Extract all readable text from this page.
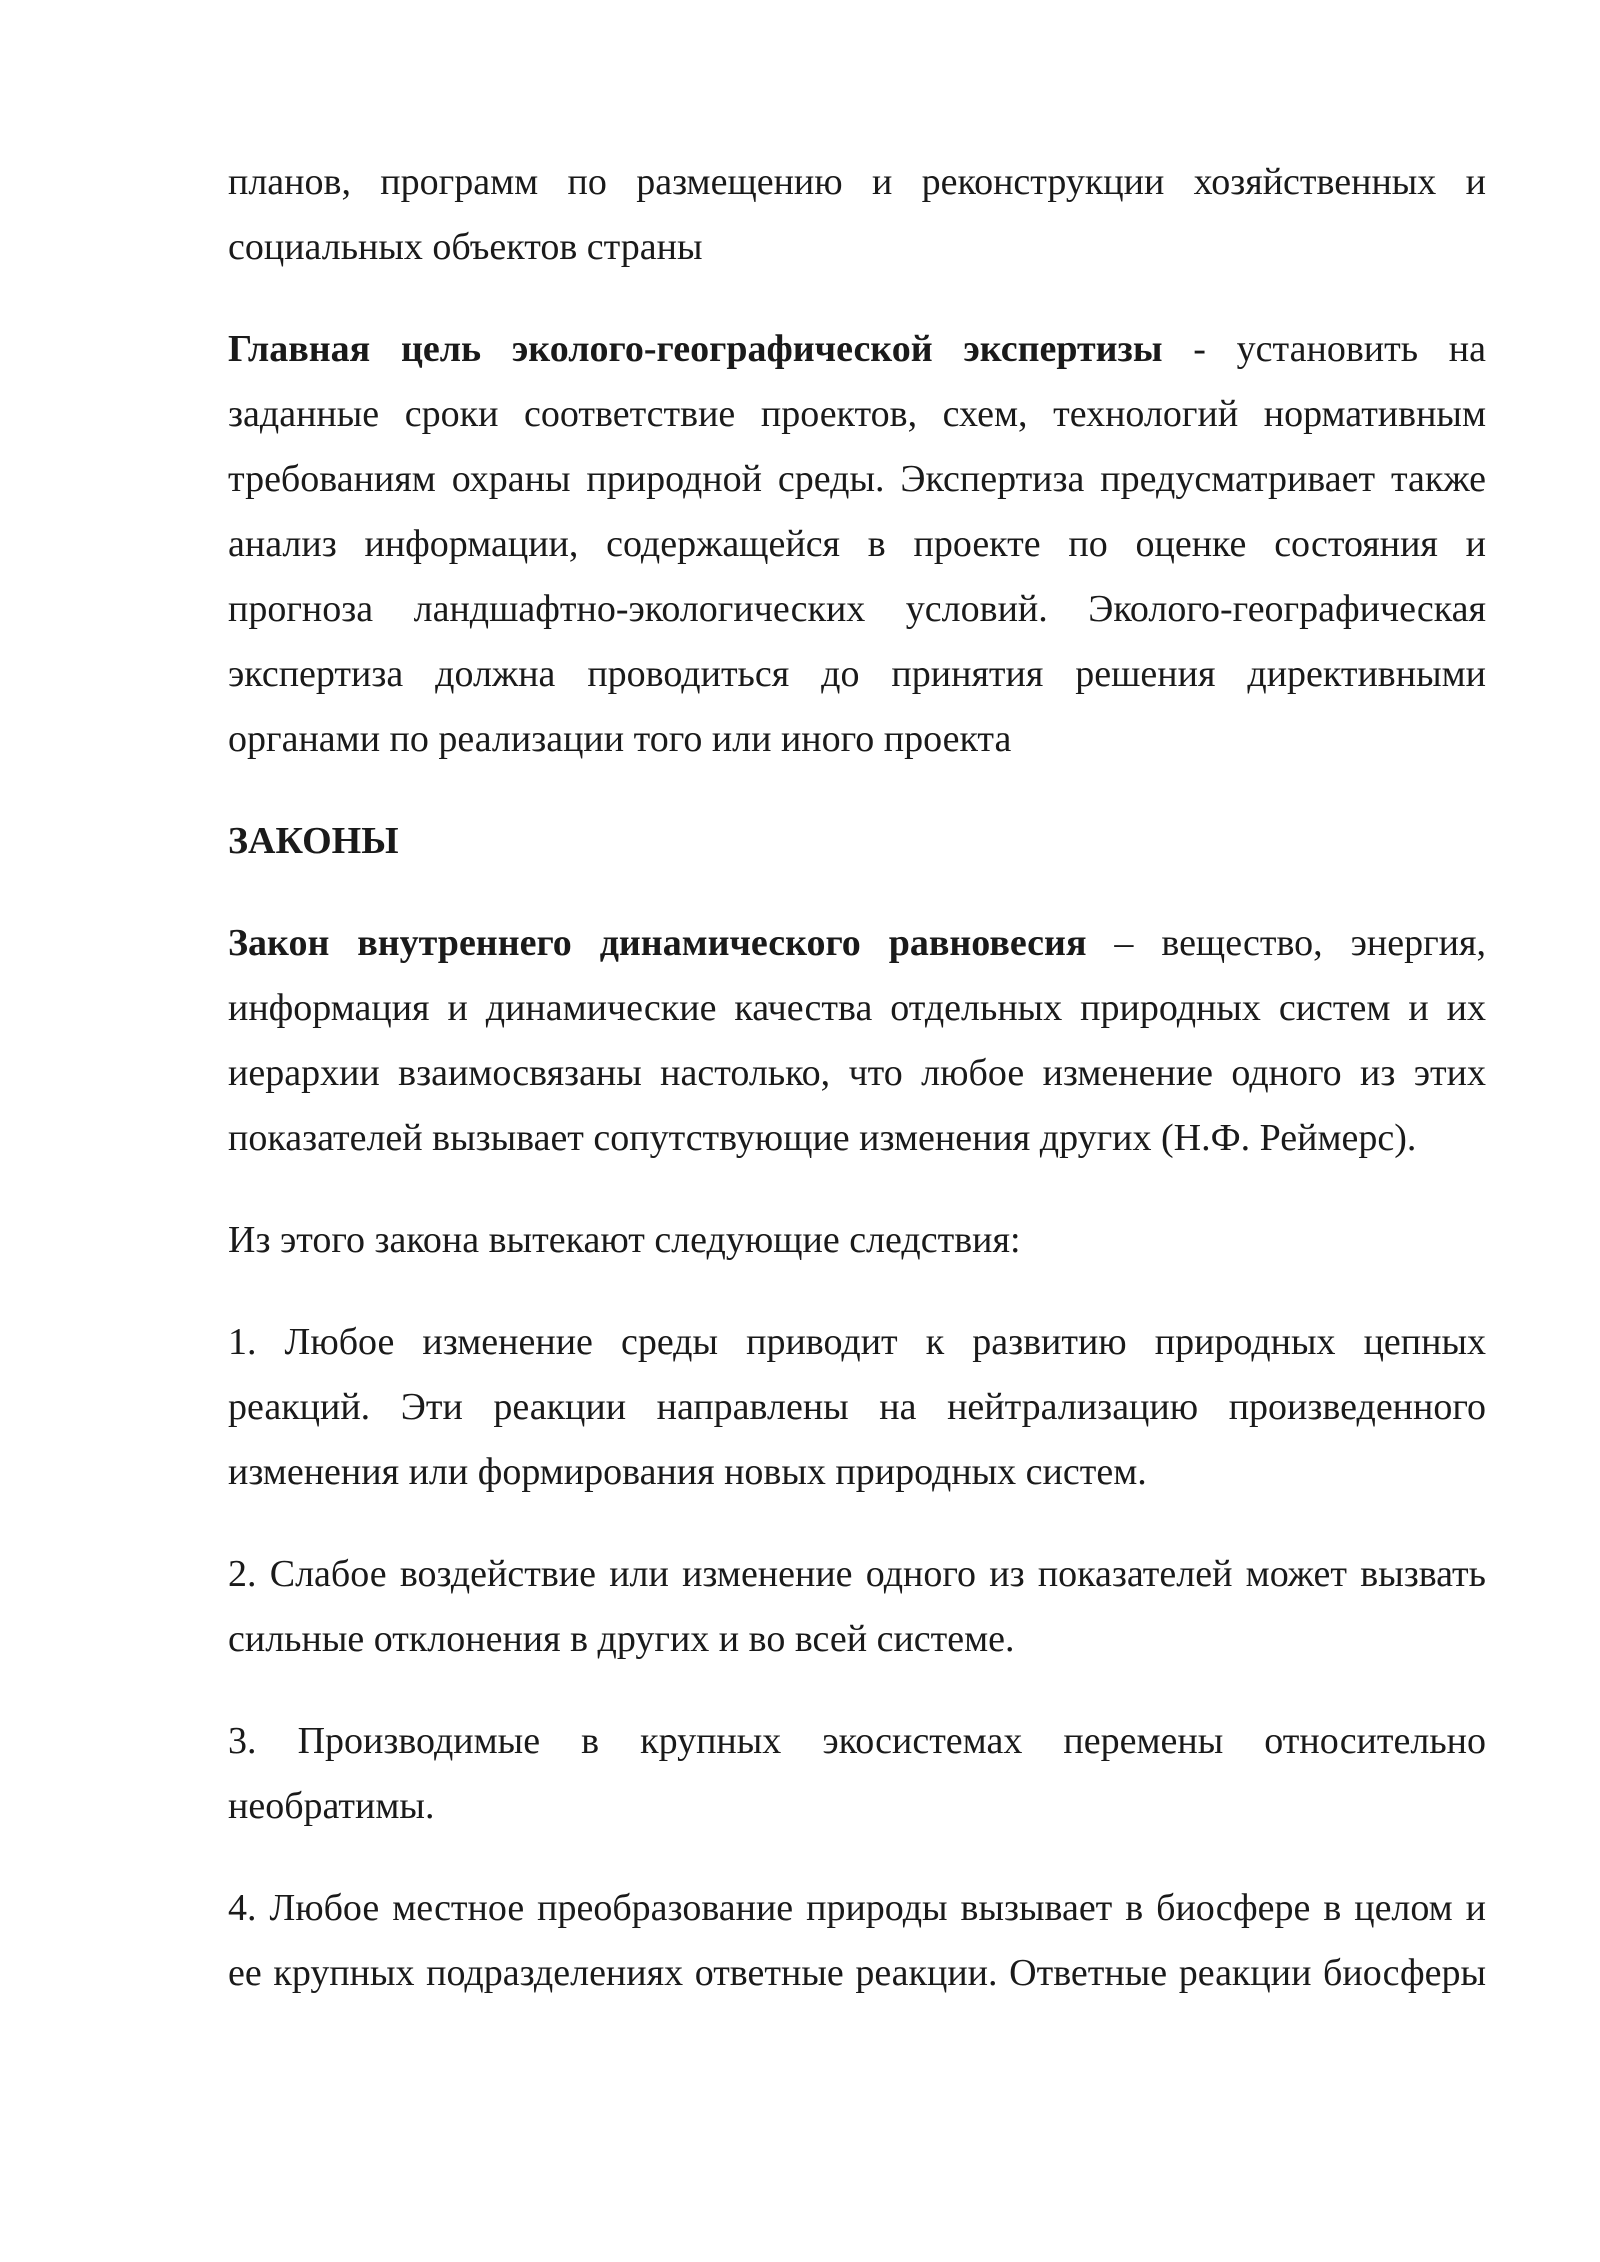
планов, программ по размещению и реконструкции хозяйственных и социальных объектов страны

Главная цель эколого-географической экспертизы - установить на заданные сроки соответствие проектов, схем, технологий нормативным требованиям охраны природной среды. Экспертиза предусматривает также анализ информации, содержащейся в проекте по оценке состояния и прогноза ландшафтно-экологических условий. Эколого-географическая экспертиза должна проводиться до принятия решения директивными органами по реализации того или иного проекта

ЗАКОНЫ

Закон внутреннего динамического равновесия – вещество, энергия, информация и динамические качества отдельных природных систем и их иерархии взаимосвязаны настолько, что любое изменение одного из этих показателей вызывает сопутствующие изменения других (Н.Ф. Реймерс).

Из этого закона вытекают следующие следствия:

1. Любое изменение среды приводит к развитию природных цепных реакций. Эти реакции направлены на нейтрализацию произведенного изменения или формирования новых природных систем.

2. Слабое воздействие или изменение одного из показателей может вызвать сильные отклонения в других и во всей системе.

3. Производимые в крупных экосистемах перемены относительно необратимы.

4. Любое местное преобразование природы вызывает в биосфере в целом и ее крупных подразделениях ответные реакции. Ответные реакции биосферы
